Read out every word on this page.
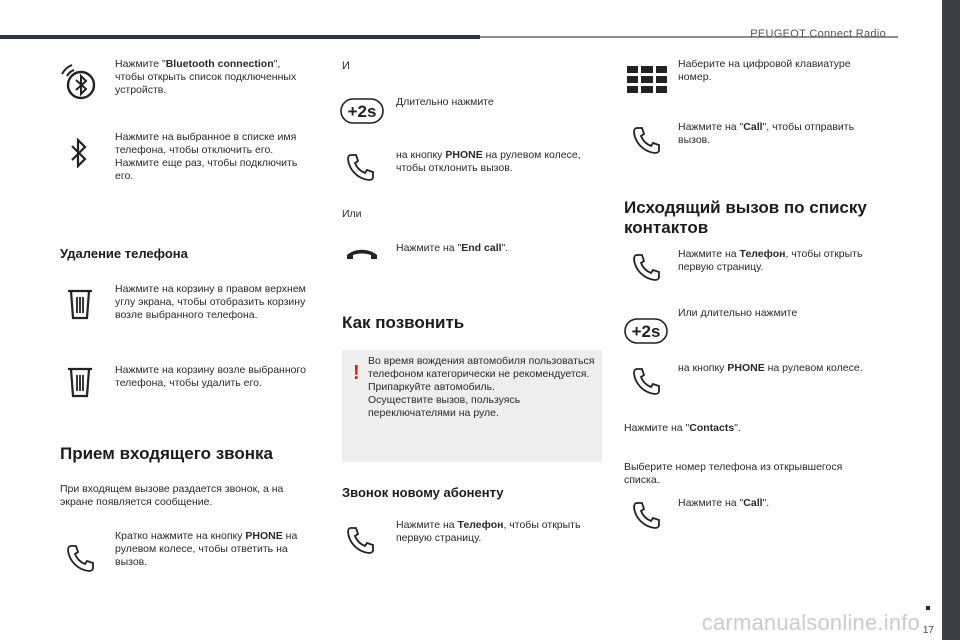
PEUGEOT Connect Radio
17
carmanualsonline.info
Нажмите "Bluetooth connection",
чтобы открыть список подключенных
устройств.
Нажмите на выбранное в списке имя
телефона, чтобы отключить его.
Нажмите еще раз, чтобы подключить
его.
Удаление телефона
Нажмите на корзину в правом верхнем
углу экрана, чтобы отобразить корзину
возле выбранного телефона.
Нажмите на корзину возле выбранного
телефона, чтобы удалить его.
Прием входящего звонка
При входящем вызове раздается звонок, а на
экране появляется сообщение.
Кратко нажмите на кнопку PHONE на
рулевом колесе, чтобы ответить на
вызов.
И
+2s Длительно нажмите
на кнопку PHONE на рулевом колесе,
чтобы отклонить вызов.
Или
Нажмите на "End call".
Как позвонить
!
Во время вождения автомобиля пользоваться
телефоном категорически не рекомендуется.
Припаркуйте автомобиль.
Осуществите вызов, пользуясь
переключателями на руле.
Звонок новому абоненту
Нажмите на Телефон, чтобы открыть
первую страницу.
Наберите на цифровой клавиатуре
номер.
Нажмите на "Call", чтобы отправить
вызов.
Исходящий вызов по списку
контактов
Нажмите на Телефон, чтобы открыть
первую страницу.
+2s
Или длительно нажмите
на кнопку PHONE на рулевом колесе.
Нажмите на "Contacts".
Выберите номер телефона из открывшегося
списка.
Нажмите на "Call".
